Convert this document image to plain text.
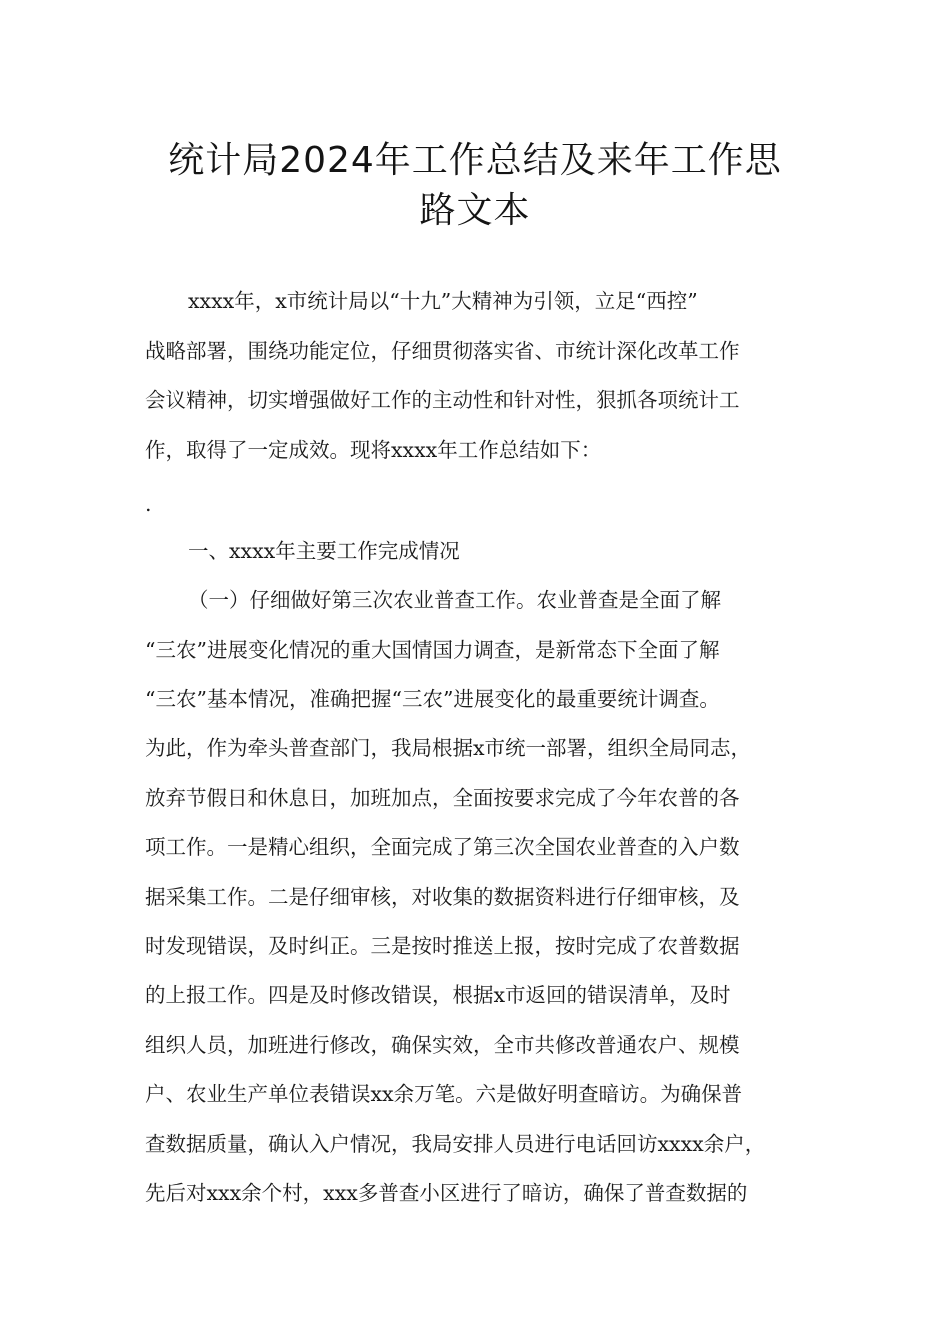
统计局2024年工作总结及来年工作思
路文本
xxxx年，x市统计局以“十九”大精神为引领，立足“西控”
战略部署，围绕功能定位，仔细贯彻落实省、市统计深化改革工作
会议精神，切实增强做好工作的主动性和针对性，狠抓各项统计工
作，取得了一定成效。现将xxxx年工作总结如下：
.
一、xxxx年主要工作完成情况
（一）仔细做好第三次农业普查工作。农业普查是全面了解
“三农”进展变化情况的重大国情国力调查，是新常态下全面了解
“三农”基本情况，准确把握“三农”进展变化的最重要统计调查。
为此，作为牵头普查部门，我局根据x市统一部署，组织全局同志，
放弃节假日和休息日，加班加点，全面按要求完成了今年农普的各
项工作。一是精心组织，全面完成了第三次全国农业普查的入户数
据采集工作。二是仔细审核，对收集的数据资料进行仔细审核，及
时发现错误，及时纠正。三是按时推送上报，按时完成了农普数据
的上报工作。四是及时修改错误，根据x市返回的错误清单，及时
组织人员，加班进行修改，确保实效，全市共修改普通农户、规模
户、农业生产单位表错误xx余万笔。六是做好明查暗访。为确保普
查数据质量，确认入户情况，我局安排人员进行电话回访xxxx余户，
先后对xxx余个村，xxx多普查小区进行了暗访，确保了普查数据的
